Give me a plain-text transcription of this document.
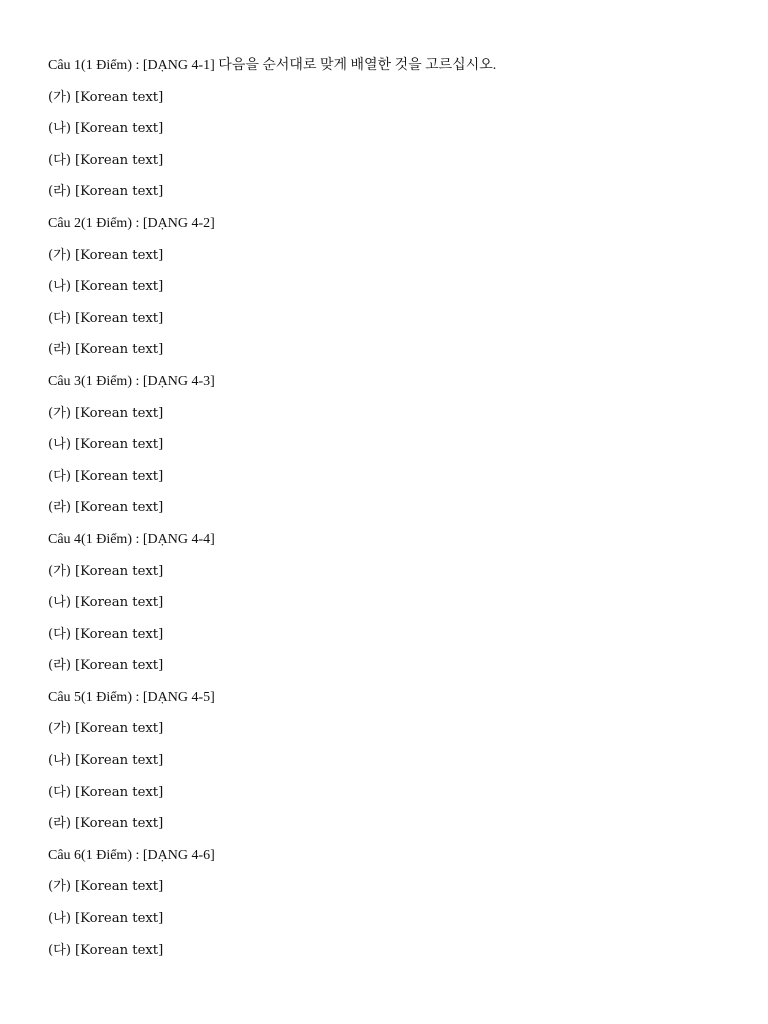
Câu 1(1 Điểm) : [DẠNG 4-1] 다음을 순서대로 맞게 배열한 것을 고르십시오.
(가) [Korean text]
(나) [Korean text]
(다) [Korean text]
(라) [Korean text]
Câu 2(1 Điểm) : [DẠNG 4-2]
(가) [Korean text]
(나) [Korean text]
(다) [Korean text]
(라) [Korean text]
Câu 3(1 Điểm) : [DẠNG 4-3]
(가) [Korean text]
(나) [Korean text]
(다) [Korean text]
(라) [Korean text]
Câu 4(1 Điểm) : [DẠNG 4-4]
(가) [Korean text]
(나) [Korean text]
(다) [Korean text]
(라) [Korean text]
Câu 5(1 Điểm) : [DẠNG 4-5]
(가) [Korean text]
(나) [Korean text]
(다) [Korean text]
(라) [Korean text]
Câu 6(1 Điểm) : [DẠNG 4-6]
(가) [Korean text]
(나) [Korean text]
(다) [Korean text]
